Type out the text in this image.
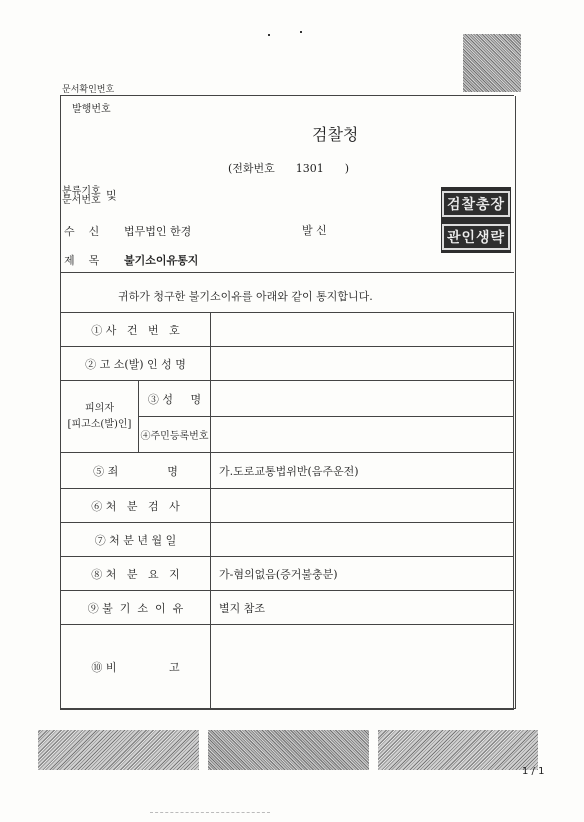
문서확인번호
발행번호
검찰청
(전화번호      1301      )
분류기호
문서번호 및
수    신 법무법인 한경	발 신
검찰총장
관인생략
제    목 불기소이유통지
귀하가 청구한 불기소이유를 아래와 같이 통지합니다.
① 사   건   번   호		
② 고 소(발) 인 성 명		

피의자
[피고소(발)인]	③ 성     명	
	④주민등록번호	
⑤ 죄              명		가.도로교통법위반(음주운전)
⑥ 처   분   검   사		
⑦ 처 분 년 월 일		
⑧ 처   분   요   지		가-혐의없음(증거불충분)
⑨ 불  기  소  이  유		별지 참조
⑩ 비               고		
1 / 1
